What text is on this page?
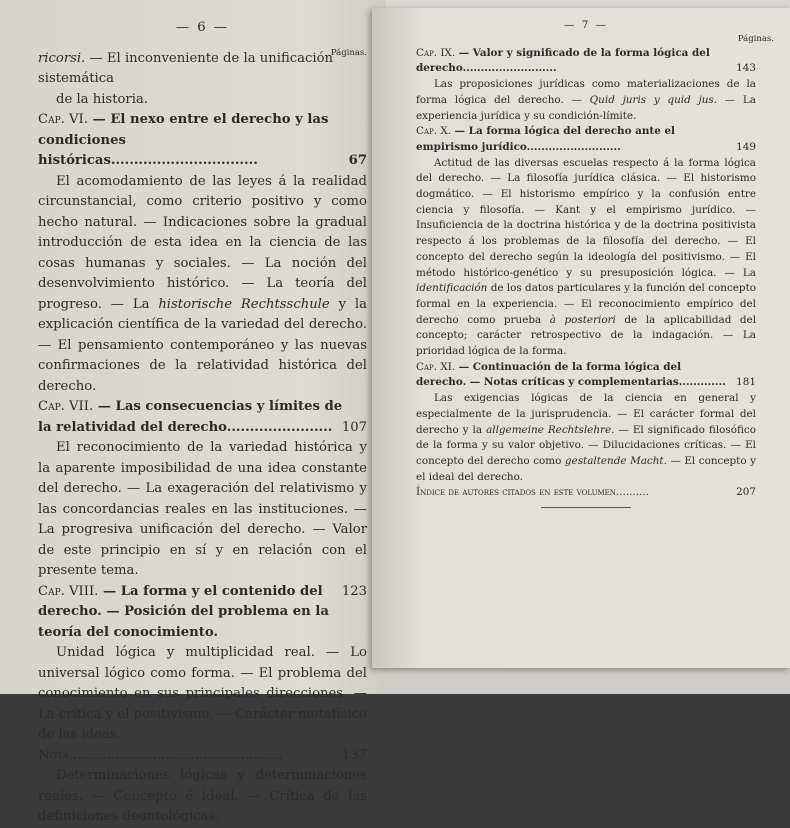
— 6 —
Páginas.

ricorsi. — El inconveniente de la unificación sistemática

de la historia.

Cap. VI. — El nexo entre el derecho y las condiciones

históricas................................	67

El acomodamiento de las leyes á la realidad circunstancial, como criterio positivo y como hecho natural. — Indicaciones sobre la gradual introducción de esta idea en la ciencia de las cosas humanas y sociales. — La noción del desenvolvimiento histórico. — La teoría del progreso. — La historische Rechtsschule y la explicación científica de la variedad del derecho. — El pensamiento contemporáneo y las nuevas confirmaciones de la relatividad histórica del derecho.

Cap. VII. — Las consecuencias y límites de la relatividad del derecho....................... 107

El reconocimiento de la variedad histórica y la aparente imposibilidad de una idea constante del derecho. — La exageración del relativismo y las concordancias reales en las instituciones. — La progresiva unificación del derecho. — Valor de este principio en sí y en relación con el presente tema.

Cap. VIII. — La forma y el contenido del derecho. — Posición del problema en la teoría del conocimiento.
123

Unidad lógica y multiplicidad real. — Lo universal lógico como forma. — El problema del conocimiento en sus principales direcciones. — La crítica y el positivismo. — Carácter metafísico de las ideas.

Nota...................................................	137

Determinaciones lógicas y determinaciones reales. — Concepto é ideal. — Crítica de las definiciones deontológicas.

— 7 —
Páginas.

Cap. IX. — Valor y significado de la forma lógica del derecho..........................	143

Las proposiciones jurídicas como materializaciones de la forma lógica del derecho. — Quid juris y quid jus. — La experiencia jurídica y su condición-límite.

Cap. X. — La forma lógica del derecho ante el empirismo jurídico..........................	149

Actitud de las diversas escuelas respecto á la forma lógica del derecho. — La filosofía jurídica clásica. — El historismo dogmático. — El historismo empírico y la confusión entre ciencia y filosofía. — Kant y el empirismo jurídico. — Insuficiencia de la doctrina histórica y de la doctrina positivista respecto á los problemas de la filosofía del derecho. — El concepto del derecho según la ideología del positivismo. — El método histórico-genético y su presuposición lógica. — La identificación de los datos particulares y la función del concepto formal en la experiencia. — El reconocimiento empírico del derecho como prueba à posteriori de la aplicabilidad del concepto; carácter retrospectivo de la indagación. — La prioridad lógica de la forma.

Cap. XI. — Continuación de la forma lógica del derecho. — Notas críticas y complementarias............. 181

Las exigencias lógicas de la ciencia en general y especialmente de la jurisprudencia. — El carácter formal del derecho y la allgemeine Rechtslehre. — El significado filosófico de la forma y su valor objetivo. — Dilucidaciones críticas. — El concepto del derecho como gestaltende Macht. — El concepto y el ideal del derecho.

Índice de autores citados en este volumen..........	207
